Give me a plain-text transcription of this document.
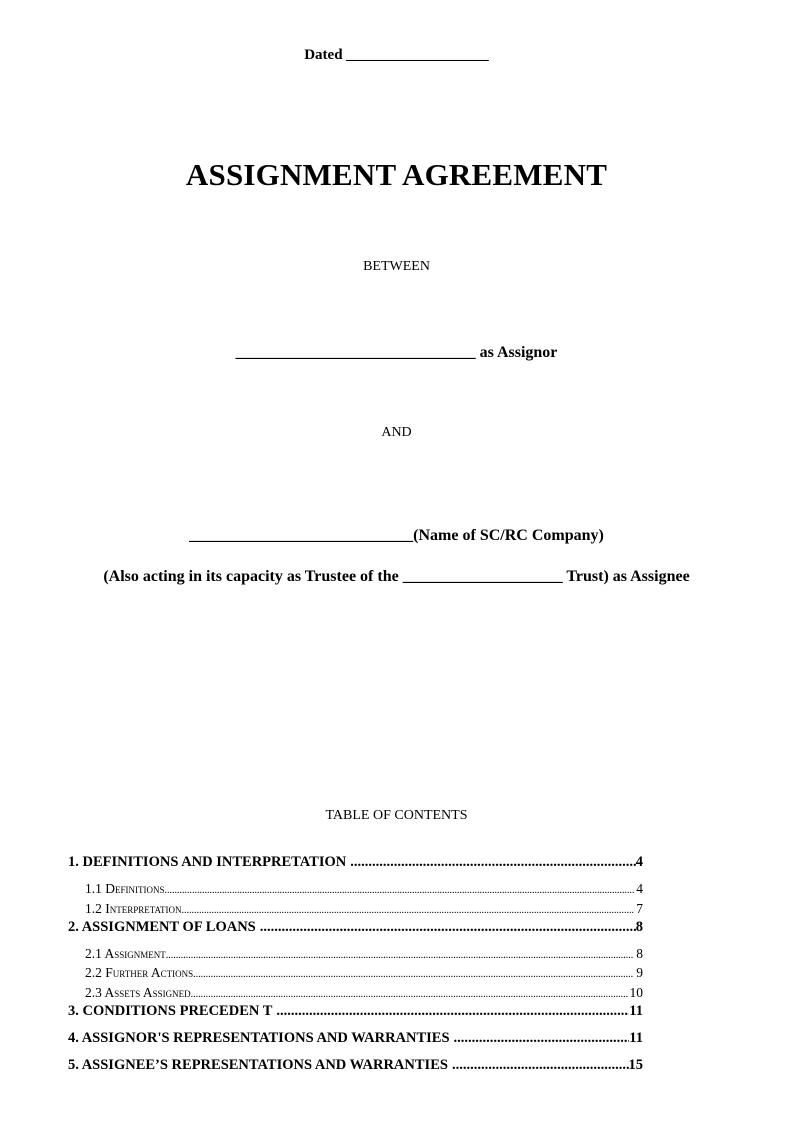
Dated ___________________
ASSIGNMENT AGREEMENT
BETWEEN
______________________________ as Assignor
AND
____________________________(Name of SC/RC Company)
(Also acting in its capacity as Trustee of the ____________________ Trust) as Assignee
TABLE OF CONTENTS
1. DEFINITIONS AND INTERPRETATION .....	4
1.1 Definitions .....	4
1.2 Interpretation .....	7
2. ASSIGNMENT OF LOANS .....	8
2.1 Assignment .....	8
2.2 Further Actions .....	9
2.3 Assets Assigned .....	10
3. CONDITIONS PRECEDEN T .....	11
4. ASSIGNOR'S REPRESENTATIONS AND WARRANTIES .....	11
5. ASSIGNEE’S REPRESENTATIONS AND WARRANTIES .....	15
